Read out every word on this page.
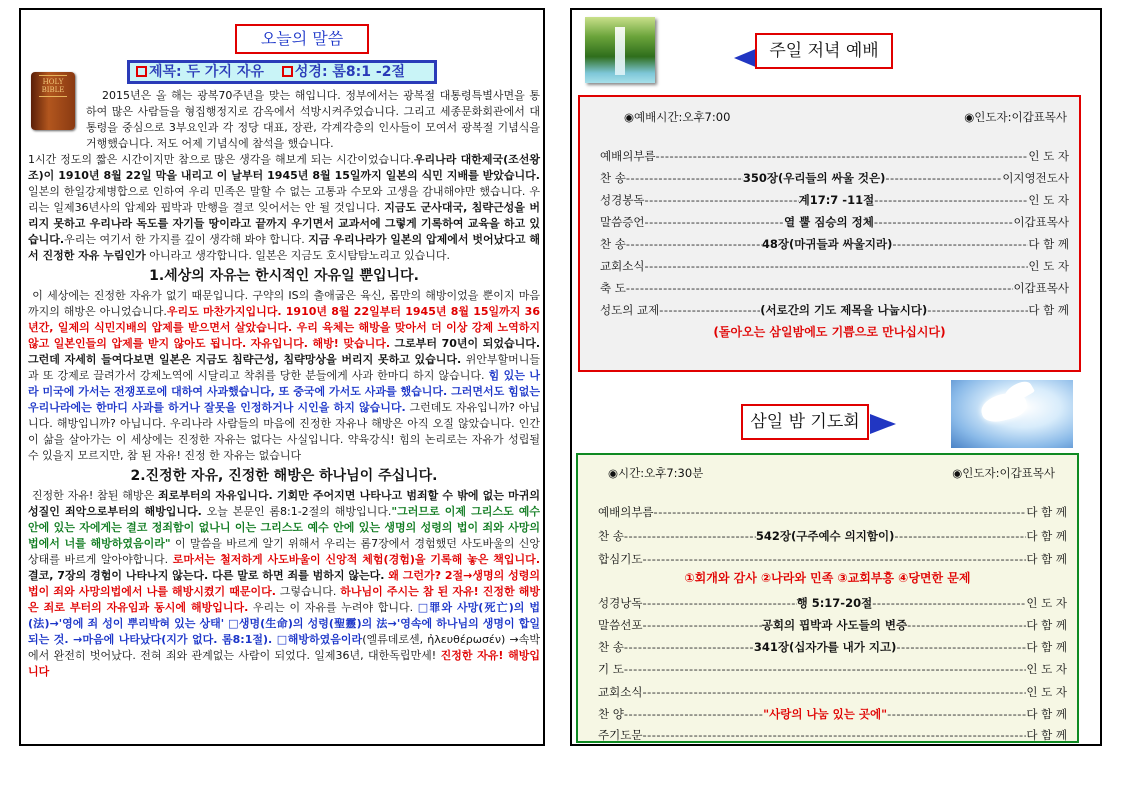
오늘의 말씀
제목: 두 가지 자유 성경: 롬8:1 -2절
HOLY BIBLE	2015년은 올 해는 광복70주년을 맞는 해입니다. 정부에서는 광복절 대통령특별사면을 통하여 많은 사람들을 형집행정지로 감옥에서 석방시켜주었습니다. 그리고 세종문화회관에서 대통령을 중심으로 3부요인과 각 정당 대표, 장관, 각계각층의 인사들이 모여서 광복절 기념식을 거행했습니다. 저도 어제 기념식에 참석을 했습니다.

1시간 정도의 짧은 시간이지만 참으로 많은 생각을 해보게 되는 시간이었습니다.우리나라 대한제국(조선왕조)이 1910년 8월 22일 막을 내리고 이 날부터 1945년 8월 15일까지 일본의 식민 지배를 받았습니다. 일본의 한일강제병합으로 인하여 우리 민족은 말할 수 없는 고통과 수모와 고생을 감내해야만 했습니다. 우리는 일제36년사의 압제와 핍박과 만행을 결코 잊어서는 안 될 것입니다. 지금도 군사대국, 침략근성을 버리지 못하고 우리나라 독도를 자기들 땅이라고 끝까지 우기면서 교과서에 그렇게 기록하여 교육을 하고 있습니다.우리는 여기서 한 가지를 깊이 생각해 봐야 합니다. 지금 우리나라가 일본의 압제에서 벗어났다고 해서 진정한 자유 누림인가 아니라고 생각합니다. 일본은 지금도 호시탐탐노리고 있습니다.

1.세상의 자유는 한시적인 자유일 뿐입니다.

이 세상에는 진정한 자유가 없기 때문입니다. 구약의 IS의 출애굽은 육신, 몸만의 해방이었을 뿐이지 마음까지의 해방은 아니었습니다.우리도 마찬가지입니다. 1910년 8월 22일부터 1945년 8월 15일까지 36년간, 일제의 식민지배의 압제를 받으면서 살았습니다. 우리 육체는 해방을 맞아서 더 이상 강제 노역하지 않고 일본인들의 압제를 받지 않아도 됩니다. 자유입니다. 해방! 맞습니다. 그로부터 70년이 되었습니다. 그런데 자세히 들여다보면 일본은 지금도 침략근성, 침략망상을 버리지 못하고 있습니다. 위안부할머니들과 또 강제로 끌려가서 강제노역에 시달리고 착취를 당한 분들에게 사과 한마디 하지 않습니다. 힘 있는 나라 미국에 가서는 전쟁포로에 대하여 사과했습니다, 또 중국에 가서도 사과를 했습니다. 그러면서도 힘없는 우리나라에는 한마디 사과를 하거나 잘못을 인정하거나 시인을 하지 않습니다. 그런데도 자유입니까? 아닙니다. 해방입니까? 아닙니다. 우리나라 사람들의 마음에 진정한 자유나 해방은 아직 오질 않았습니다. 인간이 삶을 살아가는 이 세상에는 진정한 자유는 없다는 사실입니다. 약육강식! 힘의 논리로는 자유가 성립될 수 있을지 모르지만, 참 된 자유! 진정 한 자유는 없습니다

2.진정한 자유, 진정한 해방은 하나님이 주십니다.

진정한 자유! 참된 해방은 죄로부터의 자유입니다. 기회만 주어지면 나타나고 범죄할 수 밖에 없는 마귀의 성질인 죄악으로부터의 해방입니다. 오늘 본문인 롬8:1-2절의 해방입니다."그러므로 이제 그리스도 예수 안에 있는 자에게는 결코 정죄함이 없나니 이는 그리스도 예수 안에 있는 생명의 성령의 법이 죄와 사망의 법에서 너를 해방하였음이라" 이 말씀을 바르게 알기 위해서 우리는 롬7장에서 경험했던 사도바울의 신앙상태를 바르게 알아야합니다. 로마서는 철저하게 사도바울이 신앙적 체험(경험)을 기록해 놓은 책입니다. 결코, 7장의 경험이 나타나지 않는다. 다른 말로 하면 죄를 범하지 않는다. 왜 그런가? 2절→생명의 성령의법이 죄와 사망의법에서 나를 해방시켰기 때문이다. 그렇습니다. 하나님이 주시는 참 된 자유! 진정한 해방은 죄로 부터의 자유임과 동시에 해방입니다. 우리는 이 자유를 누려야 합니다. □罪와 사망(死亡)의 법(法)→'영에 죄 성이 뿌리박혀 있는 상태' □생명(生命)의 성령(聖靈)의 法→'영속에 하나님의 생명이 합일 되는 것. →마음에 나타났다(지가 없다. 롬8:1절). □해방하였음이라(엘류데로센, ἠλευθέρωσέν) →속박에서 완전히 벗어났다. 전혀 죄와 관계없는 사람이 되었다. 일제36년, 대한독립만세! 진정한 자유! 해방입니다

주일 저녁 예배
◉예배시간:오후7:00	◉인도자:이갑표목사
예배의부름 -----	인 도 자
찬 송 -----	350장(우리들의 싸울 것은) -----	이지영전도사
성경봉독 -----	계17:7 -11절 -----	인 도 자
말씀증언 -----	열 뿔 짐승의 정체 -----	이갑표목사
찬 송 -----	48장(마귀들과 싸울지라) -----	다 함 께
교회소식 -----	인 도 자
축 도 -----	이갑표목사
성도의 교제 -----	(서로간의 기도 제목을 나눕시다) -----	다 함 께
(돌아오는 삼일밤에도 기쁨으로 만나십시다)
삼일 밤 기도회
◉시간:오후7:30분	◉인도자:이갑표목사
예배의부름 -----	다 함 께
찬 송 -----	542장(구주예수 의지함이) -----	다 함 께
합심기도 -----	다 함 께
성경낭독 -----	행 5:17-20절 -----	인 도 자
말씀선포 -----	공회의 핍박과 사도들의 변증 -----	다 함 께
찬 송 -----	341장(십자가를 내가 지고) -----	다 함 께
기 도 -----	인 도 자
교회소식 -----	인 도 자
찬 양 -----	"사랑의 나눔 있는 곳에" -----	다 함 께
주기도문 -----	다 함 께
①회개와 감사 ②나라와 민족 ③교회부흥 ④당면한 문제
